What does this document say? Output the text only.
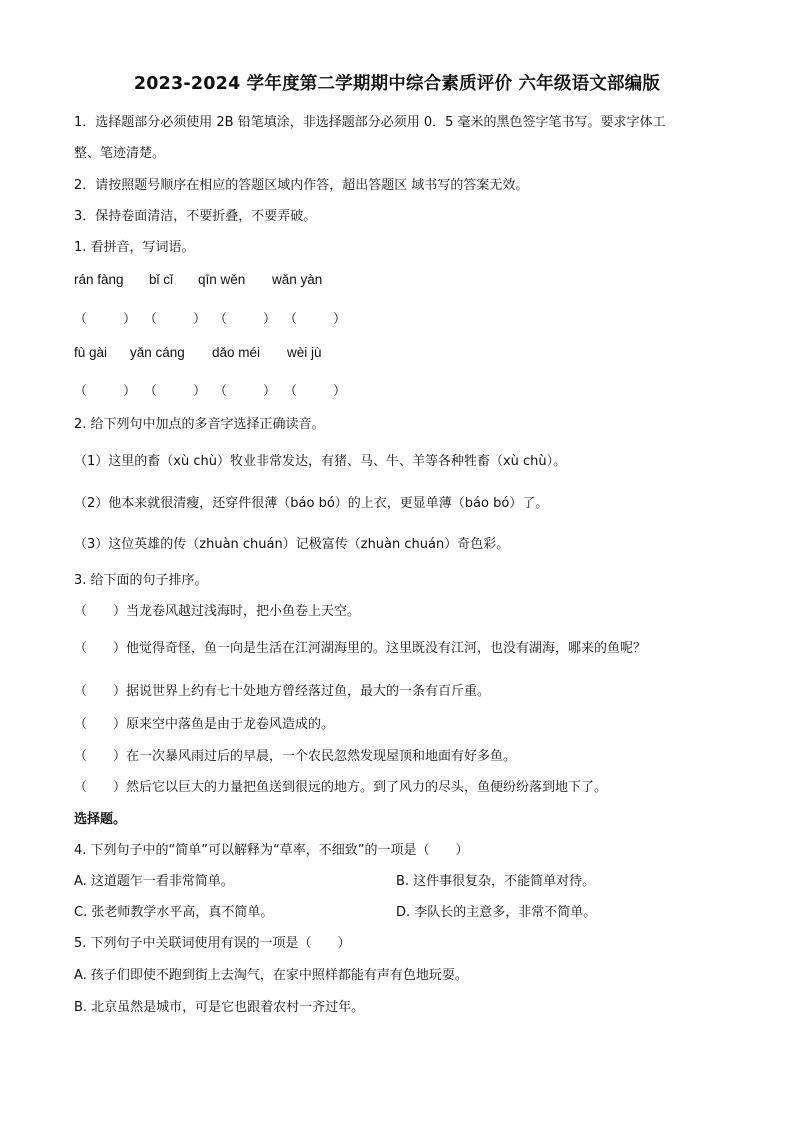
2023-2024 学年度第二学期期中综合素质评价 六年级语文部编版
1．选择题部分必须使用 2B 铅笔填涂，非选择题部分必须用 0．5 毫米的黑色签字笔书写。要求字体工
整、笔迹清楚。
2．请按照题号顺序在相应的答题区域内作答，超出答题区 域书写的答案无效。
3．保持卷面清洁，不要折叠，不要弄破。
1. 看拼音，写词语。
rán fàng bǐ cǐ qīn wěn wǎn yàn
（	） （	） （	） （	）
fù gài yǎn cáng dǎo méi wèi jù
（	） （	） （	） （	）
2. 给下列句中加点的多音字选择正确读音。
（1）这里的畜（xù chù）牧业非常发达，有猪、马、牛、羊等各种牲畜（xù chù）。
（2）他本来就很清瘦，还穿件很薄（báo bó）的上衣，更显单薄（báo bó）了。
（3）这位英雄的传（zhuàn chuán）记极富传（zhuàn chuán）奇色彩。
3. 给下面的句子排序。
（　　）当龙卷风越过浅海时，把小鱼卷上天空。
（　　）他觉得奇怪，鱼一向是生活在江河湖海里的。这里既没有江河，也没有湖海，哪来的鱼呢？
（　　）据说世界上约有七十处地方曾经落过鱼，最大的一条有百斤重。
（　　）原来空中落鱼是由于龙卷风造成的。
（　　）在一次暴风雨过后的早晨，一个农民忽然发现屋顶和地面有好多鱼。
（　　）然后它以巨大的力量把鱼送到很远的地方。到了风力的尽头，鱼便纷纷落到地下了。
选择题。
4. 下列句子中的“简单”可以解释为“草率，不细致”的一项是（　　）
A. 这道题乍一看非常简单。	B. 这件事很复杂，不能简单对待。
C. 张老师教学水平高，真不简单。	D. 李队长的主意多，非常不简单。
5. 下列句子中关联词使用有误的一项是（　　）
A. 孩子们即使不跑到街上去淘气，在家中照样都能有声有色地玩耍。
B. 北京虽然是城市，可是它也跟着农村一齐过年。
